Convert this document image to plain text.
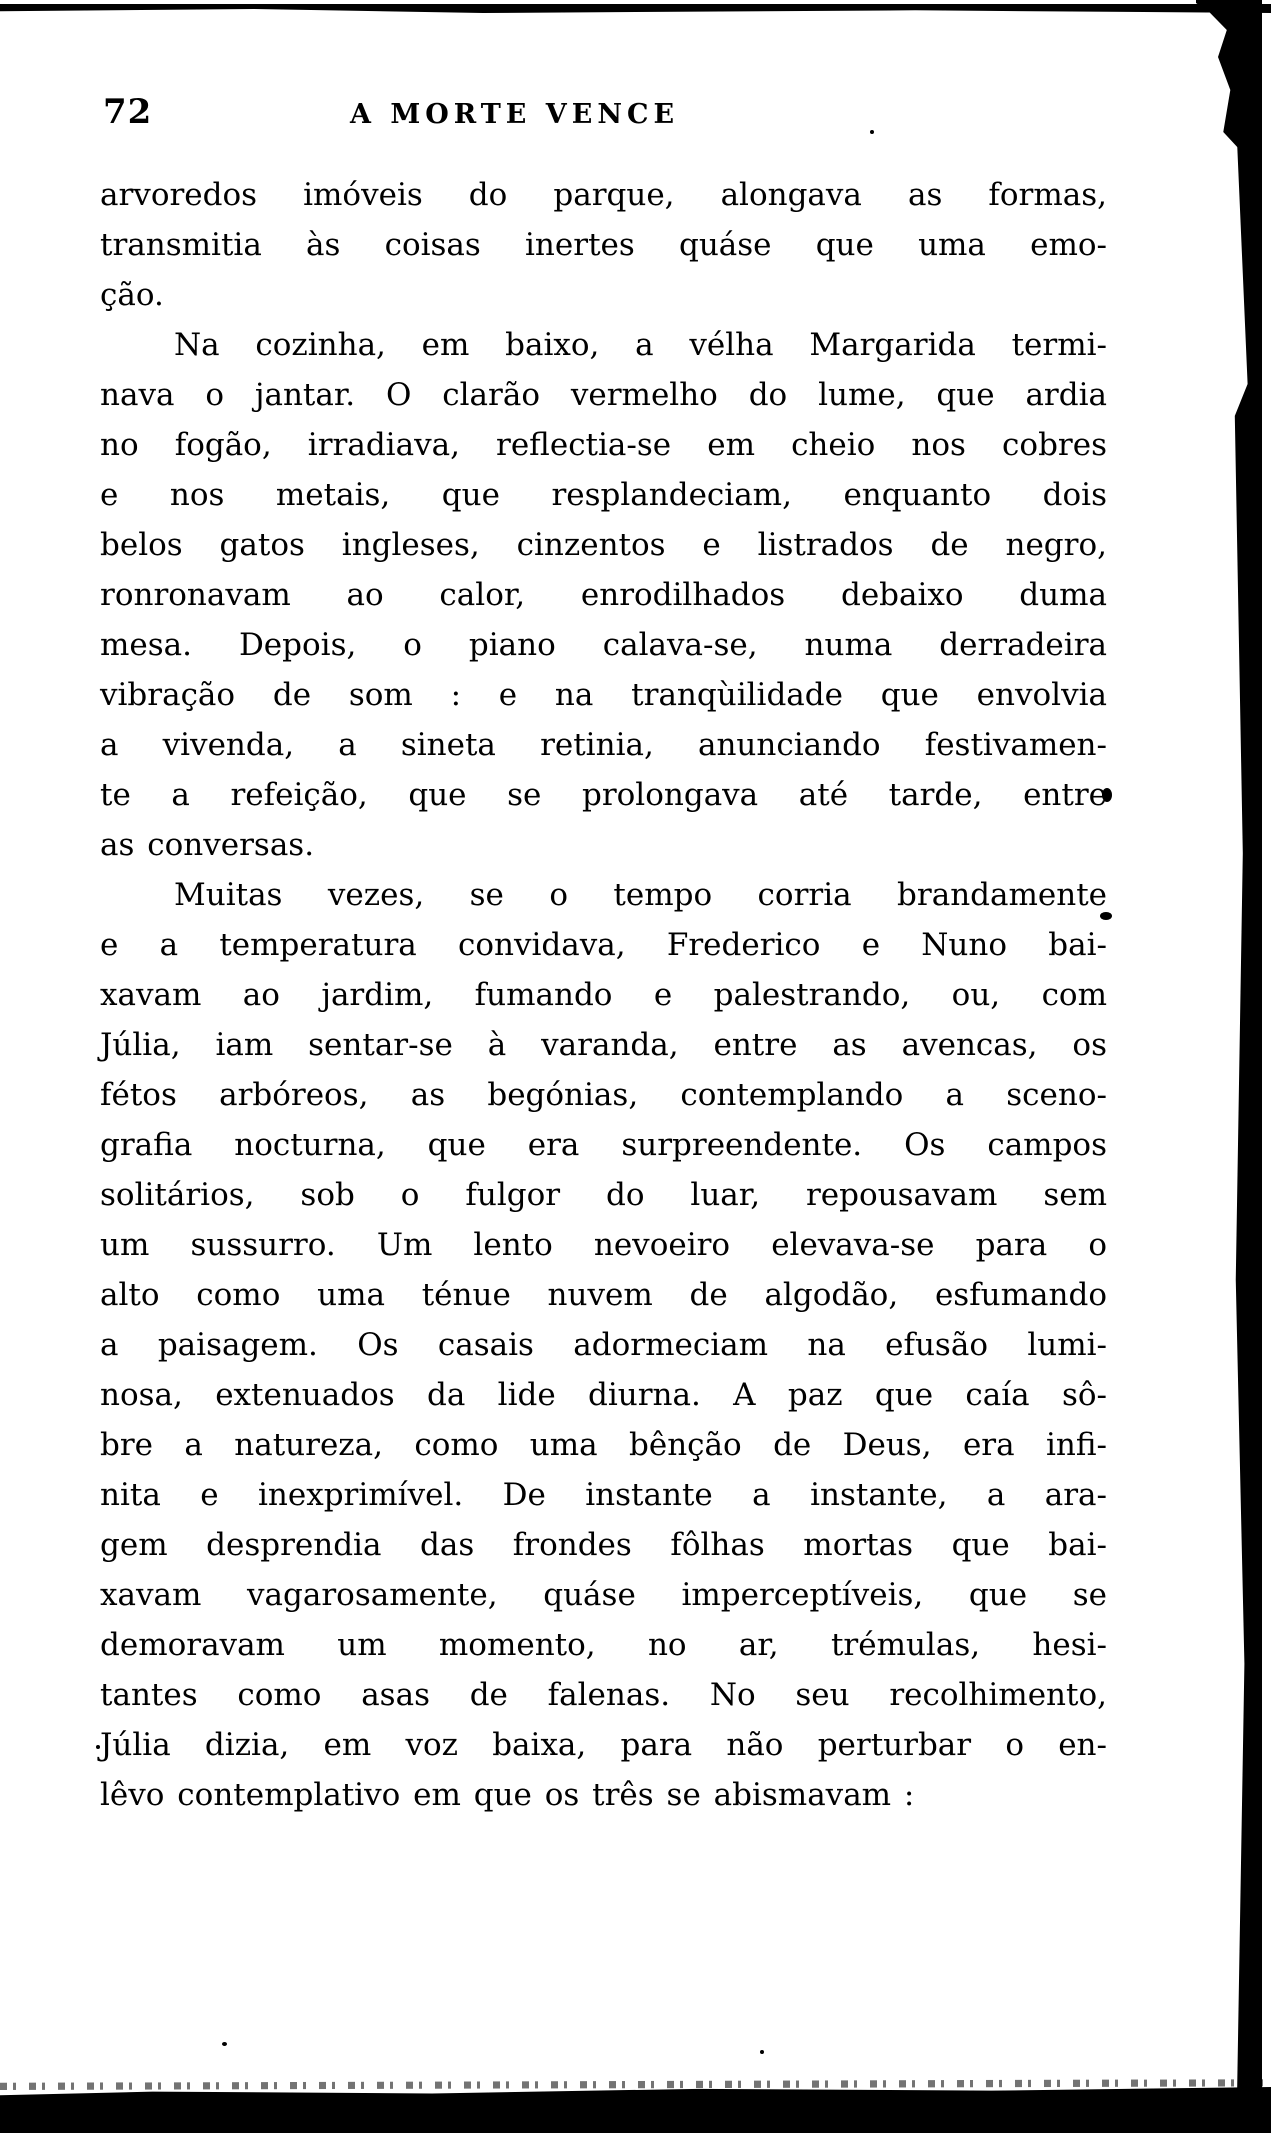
72	A MORTE VENCE
arvoredos imóveis do parque, alongava as formas,
transmitia às coisas inertes quáse que uma emo-
ção.
Na cozinha, em baixo, a vélha Margarida termi-
nava o jantar. O clarão vermelho do lume, que ardia
no fogão, irradiava, reflectia-se em cheio nos cobres
e nos metais, que resplandeciam, enquanto dois
belos gatos ingleses, cinzentos e listrados de negro,
ronronavam ao calor, enrodilhados debaixo duma
mesa. Depois, o piano calava-se, numa derradeira
vibração de som : e na tranqùilidade que envolvia
a vivenda, a sineta retinia, anunciando festivamen-
te a refeição, que se prolongava até tarde, entre
as conversas.
Muitas vezes, se o tempo corria brandamente
e a temperatura convidava, Frederico e Nuno bai-
xavam ao jardim, fumando e palestrando, ou, com
Júlia, iam sentar-se à varanda, entre as avencas, os
fétos arbóreos, as begónias, contemplando a sceno-
grafia nocturna, que era surpreendente. Os campos
solitários, sob o fulgor do luar, repousavam sem
um sussurro. Um lento nevoeiro elevava-se para o
alto como uma ténue nuvem de algodão, esfumando
a paisagem. Os casais adormeciam na efusão lumi-
nosa, extenuados da lide diurna. A paz que caía sô-
bre a natureza, como uma bênção de Deus, era infi-
nita e inexprimível. De instante a instante, a ara-
gem desprendia das frondes fôlhas mortas que bai-
xavam vagarosamente, quáse imperceptíveis, que se
demoravam um momento, no ar, trémulas, hesi-
tantes como asas de falenas. No seu recolhimento,
Júlia dizia, em voz baixa, para não perturbar o en-
lêvo contemplativo em que os três se abismavam :
